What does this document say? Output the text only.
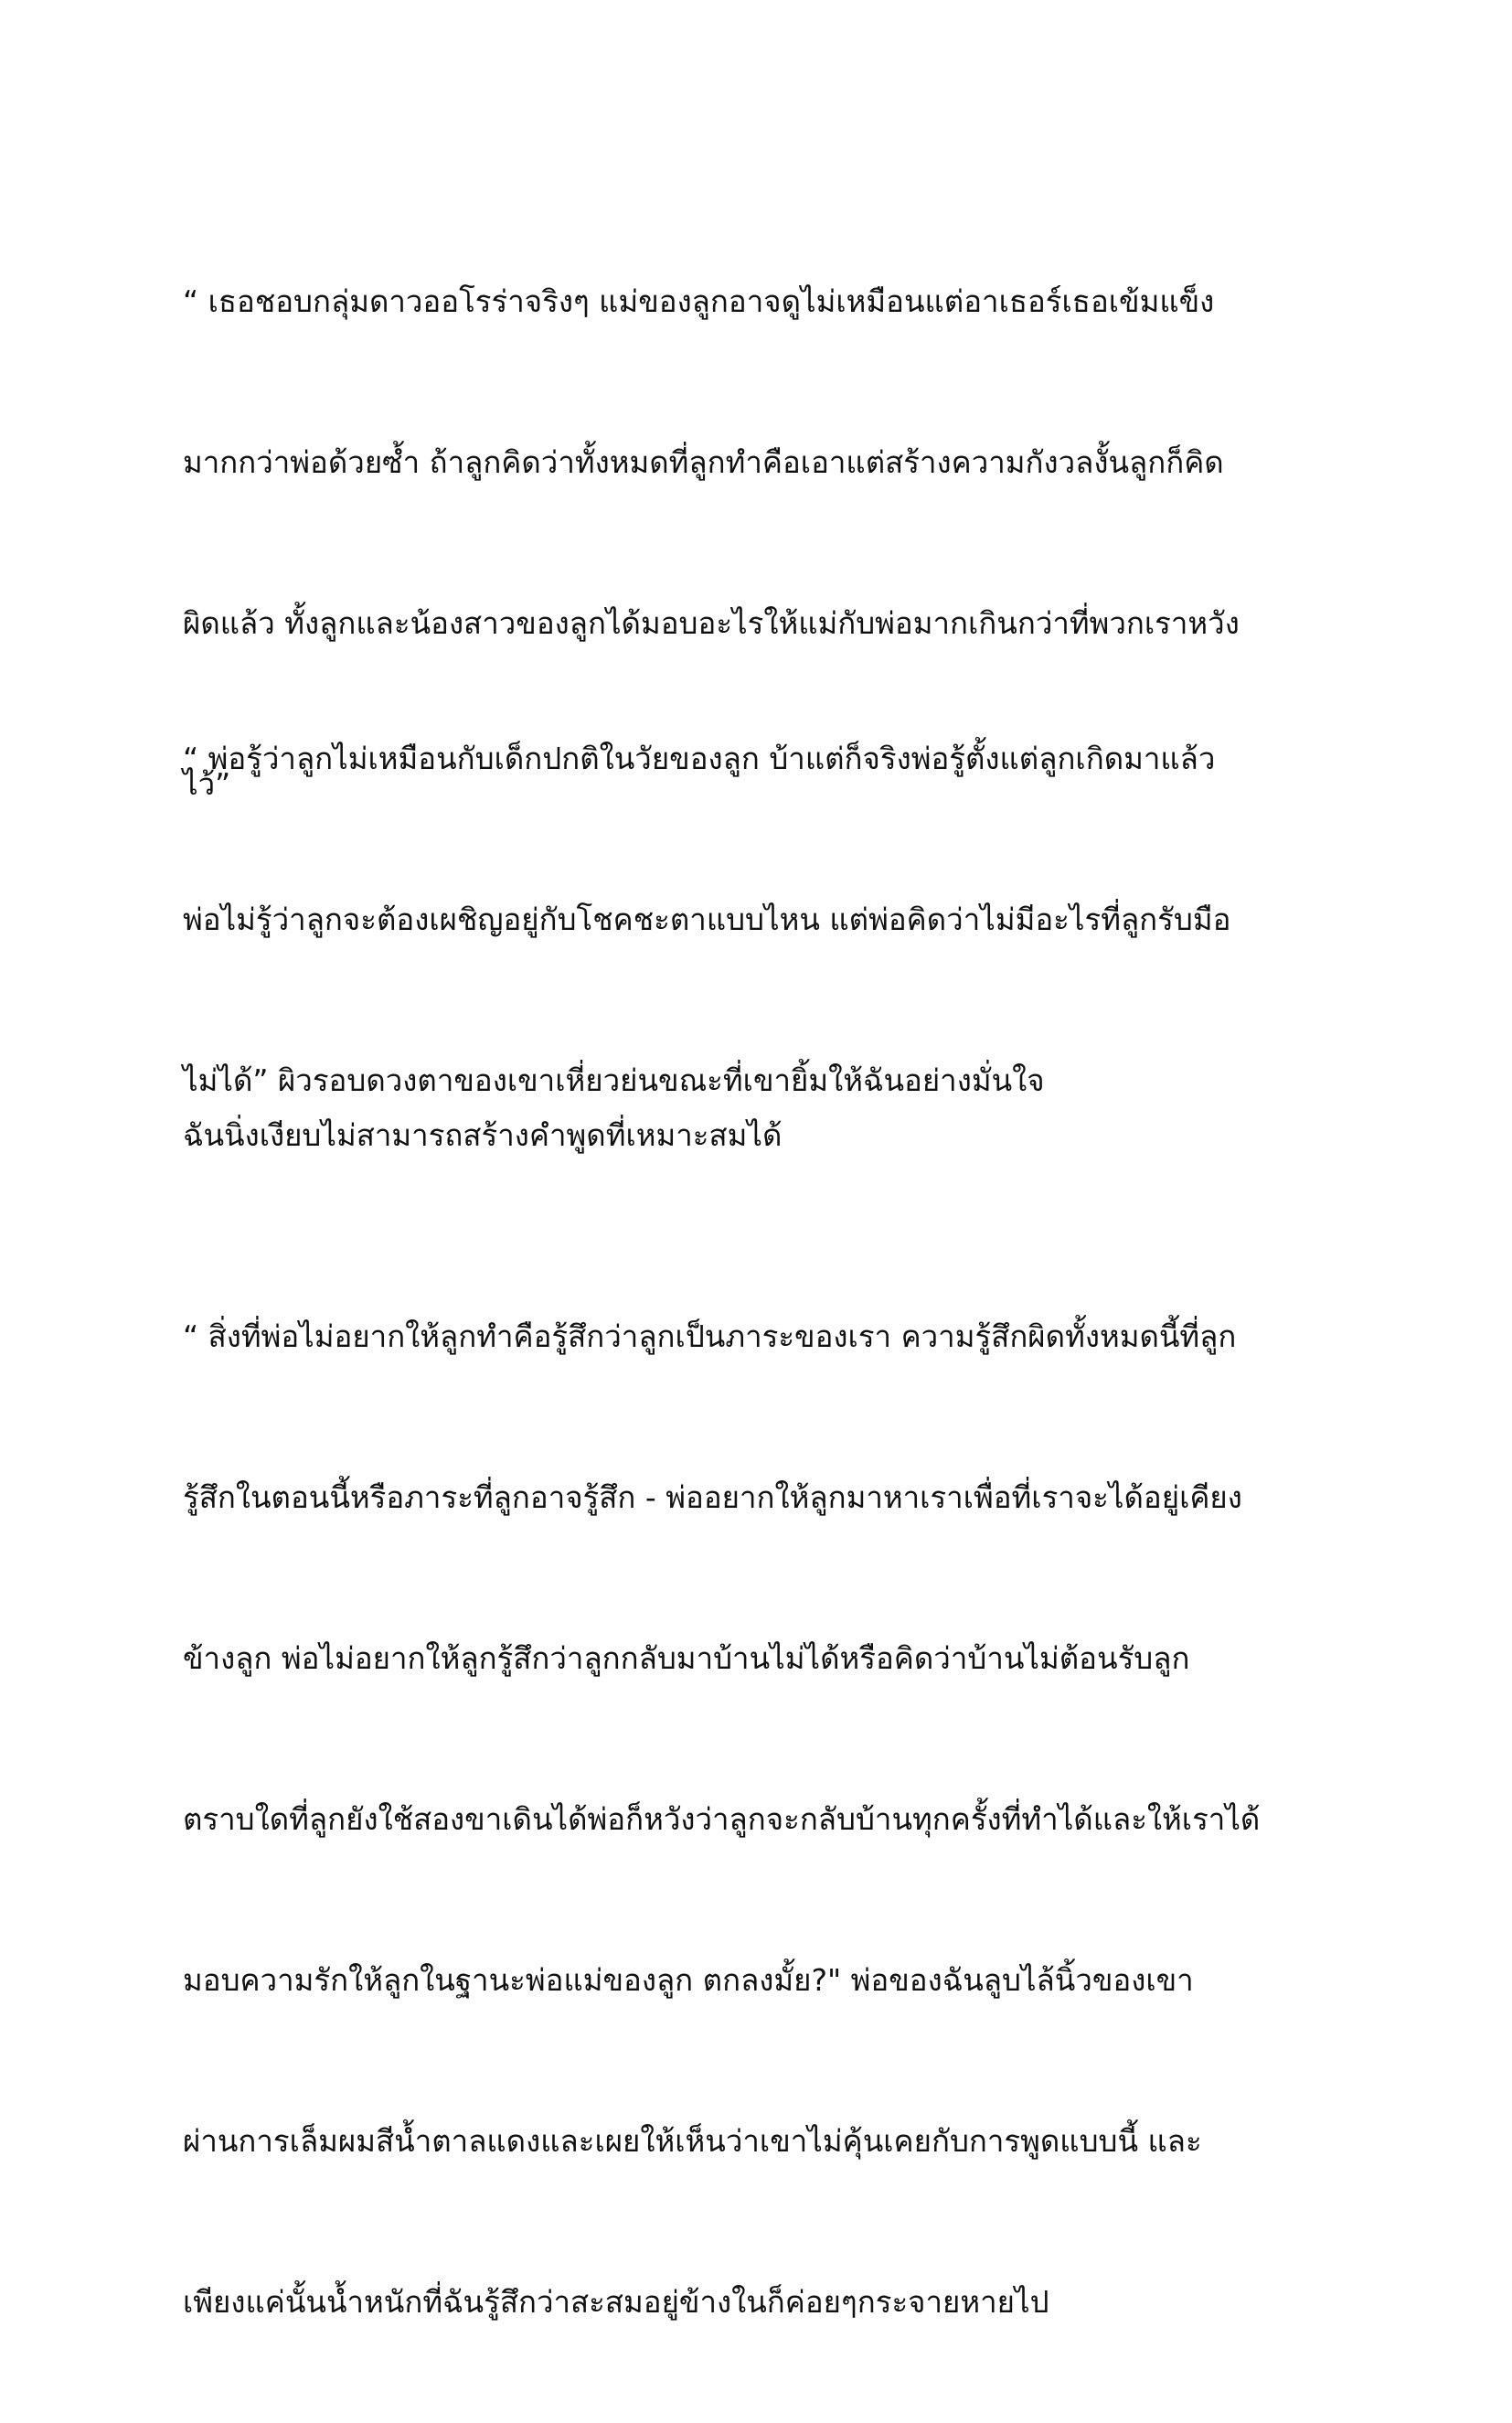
“ เธอชอบกลุ่มดาวออโรร่าจริงๆ แม่ของลูกอาจดูไม่เหมือนแต่อาเธอร์เธอเข้มแข็ง

มากกว่าพ่อด้วยซ้ำ ถ้าลูกคิดว่าทั้งหมดที่ลูกทำคือเอาแต่สร้างความกังวลงั้นลูกก็คิด

ผิดแล้ว ทั้งลูกและน้องสาวของลูกได้มอบอะไรให้แม่กับพ่อมากเกินกว่าที่พวกเราหวัง

ไว้”

“ พ่อรู้ว่าลูกไม่เหมือนกับเด็กปกติในวัยของลูก บ้าแต่ก็จริงพ่อรู้ตั้งแต่ลูกเกิดมาแล้ว

พ่อไม่รู้ว่าลูกจะต้องเผชิญอยู่กับโชคชะตาแบบไหน แต่พ่อคิดว่าไม่มีอะไรที่ลูกรับมือ

ไม่ได้” ผิวรอบดวงตาของเขาเหี่ยวย่นขณะที่เขายิ้มให้ฉันอย่างมั่นใจ

ฉันนิ่งเงียบไม่สามารถสร้างคำพูดที่เหมาะสมได้

“ สิ่งที่พ่อไม่อยากให้ลูกทำคือรู้สึกว่าลูกเป็นภาระของเรา ความรู้สึกผิดทั้งหมดนี้ที่ลูก

รู้สึกในตอนนี้หรือภาระที่ลูกอาจรู้สึก - พ่ออยากให้ลูกมาหาเราเพื่อที่เราจะได้อยู่เคียง

ข้างลูก พ่อไม่อยากให้ลูกรู้สึกว่าลูกกลับมาบ้านไม่ได้หรือคิดว่าบ้านไม่ต้อนรับลูก

ตราบใดที่ลูกยังใช้สองขาเดินได้พ่อก็หวังว่าลูกจะกลับบ้านทุกครั้งที่ทำได้และให้เราได้

มอบความรักให้ลูกในฐานะพ่อแม่ของลูก ตกลงมั้ย?" พ่อของฉันลูบไล้นิ้วของเขา

ผ่านการเล็มผมสีน้ำตาลแดงและเผยให้เห็นว่าเขาไม่คุ้นเคยกับการพูดแบบนี้ และ

เพียงแค่นั้นน้ำหนักที่ฉันรู้สึกว่าสะสมอยู่ข้างในก็ค่อยๆกระจายหายไป
